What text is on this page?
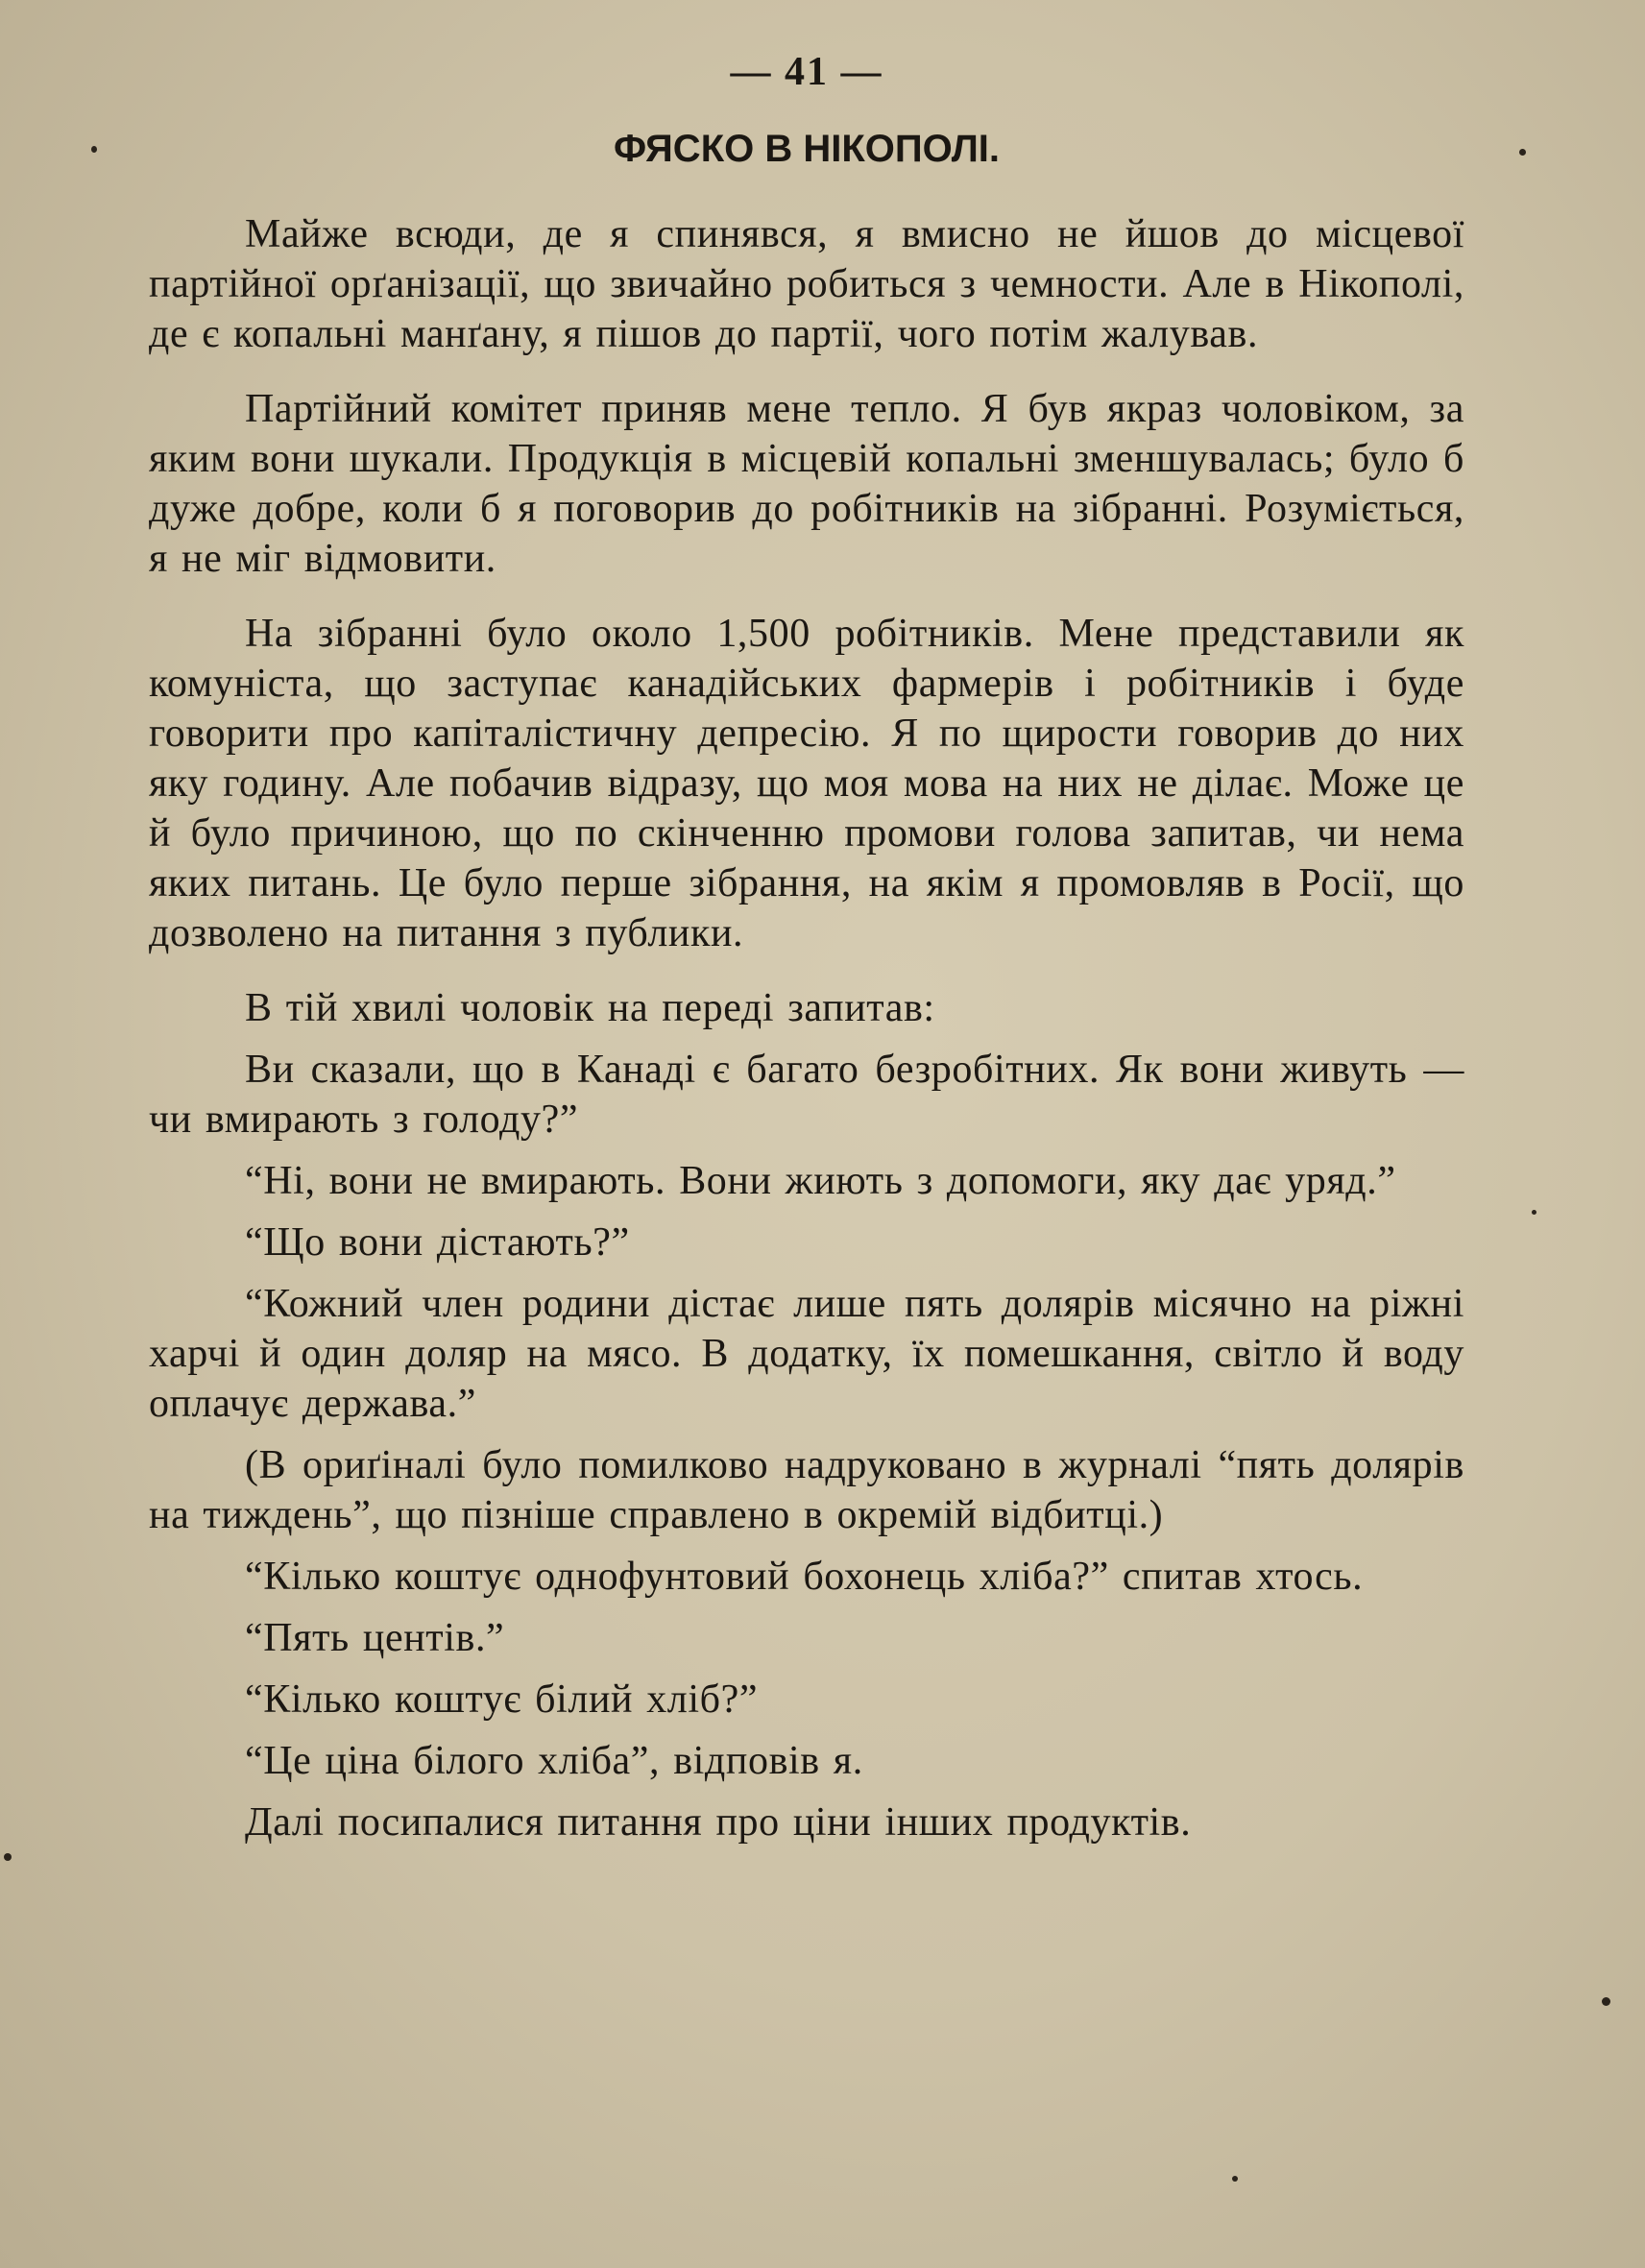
— 41 —
ФЯСКО В НІКОПОЛІ.

Майже всюди, де я спинявся, я вмисно не йшов до місцевої партійної орґанізації, що звичайно робиться з чемности. Але в Нікополі, де є копальні манґану, я пішов до партії, чого потім жалував.

Партійний комітет приняв мене тепло. Я був якраз чоловіком, за яким вони шукали. Продукція в місцевій копальні зменшувалась; було б дуже добре, коли б я поговорив до робітників на зібранні. Розуміється, я не міг відмовити.

На зібранні було около 1,500 робітників. Мене представили як комуніста, що заступає канадійських фармерів і робітників і буде говорити про капіталістичну депресію. Я по щирости говорив до них яку годину. Але побачив відразу, що моя мова на них не ділає. Може це й було причиною, що по скінченню промови голова запитав, чи нема яких питань. Це було перше зібрання, на якім я промовляв в Росії, що дозволено на питання з публики.

В тій хвилі чоловік на переді запитав:

Ви сказали, що в Канаді є багато безробітних. Як вони живуть — чи вмирають з голоду?”

“Ні, вони не вмирають. Вони жиють з допомоги, яку дає уряд.”

“Що вони дістають?”

“Кожний член родини дістає лише пять долярів місячно на ріжні харчі й один доляр на мясо. В додатку, їх помешкання, світло й воду оплачує держава.”

(В ориґіналі було помилково надруковано в журналі “пять долярів на тиждень”, що пізніше справлено в окремій відбитці.)

“Кілько коштує однофунтовий бохонець хліба?” спитав хтось.

“Пять центів.”

“Кілько коштує білий хліб?”

“Це ціна білого хліба”, відповів я.

Далі посипалися питання про ціни інших продуктів.
